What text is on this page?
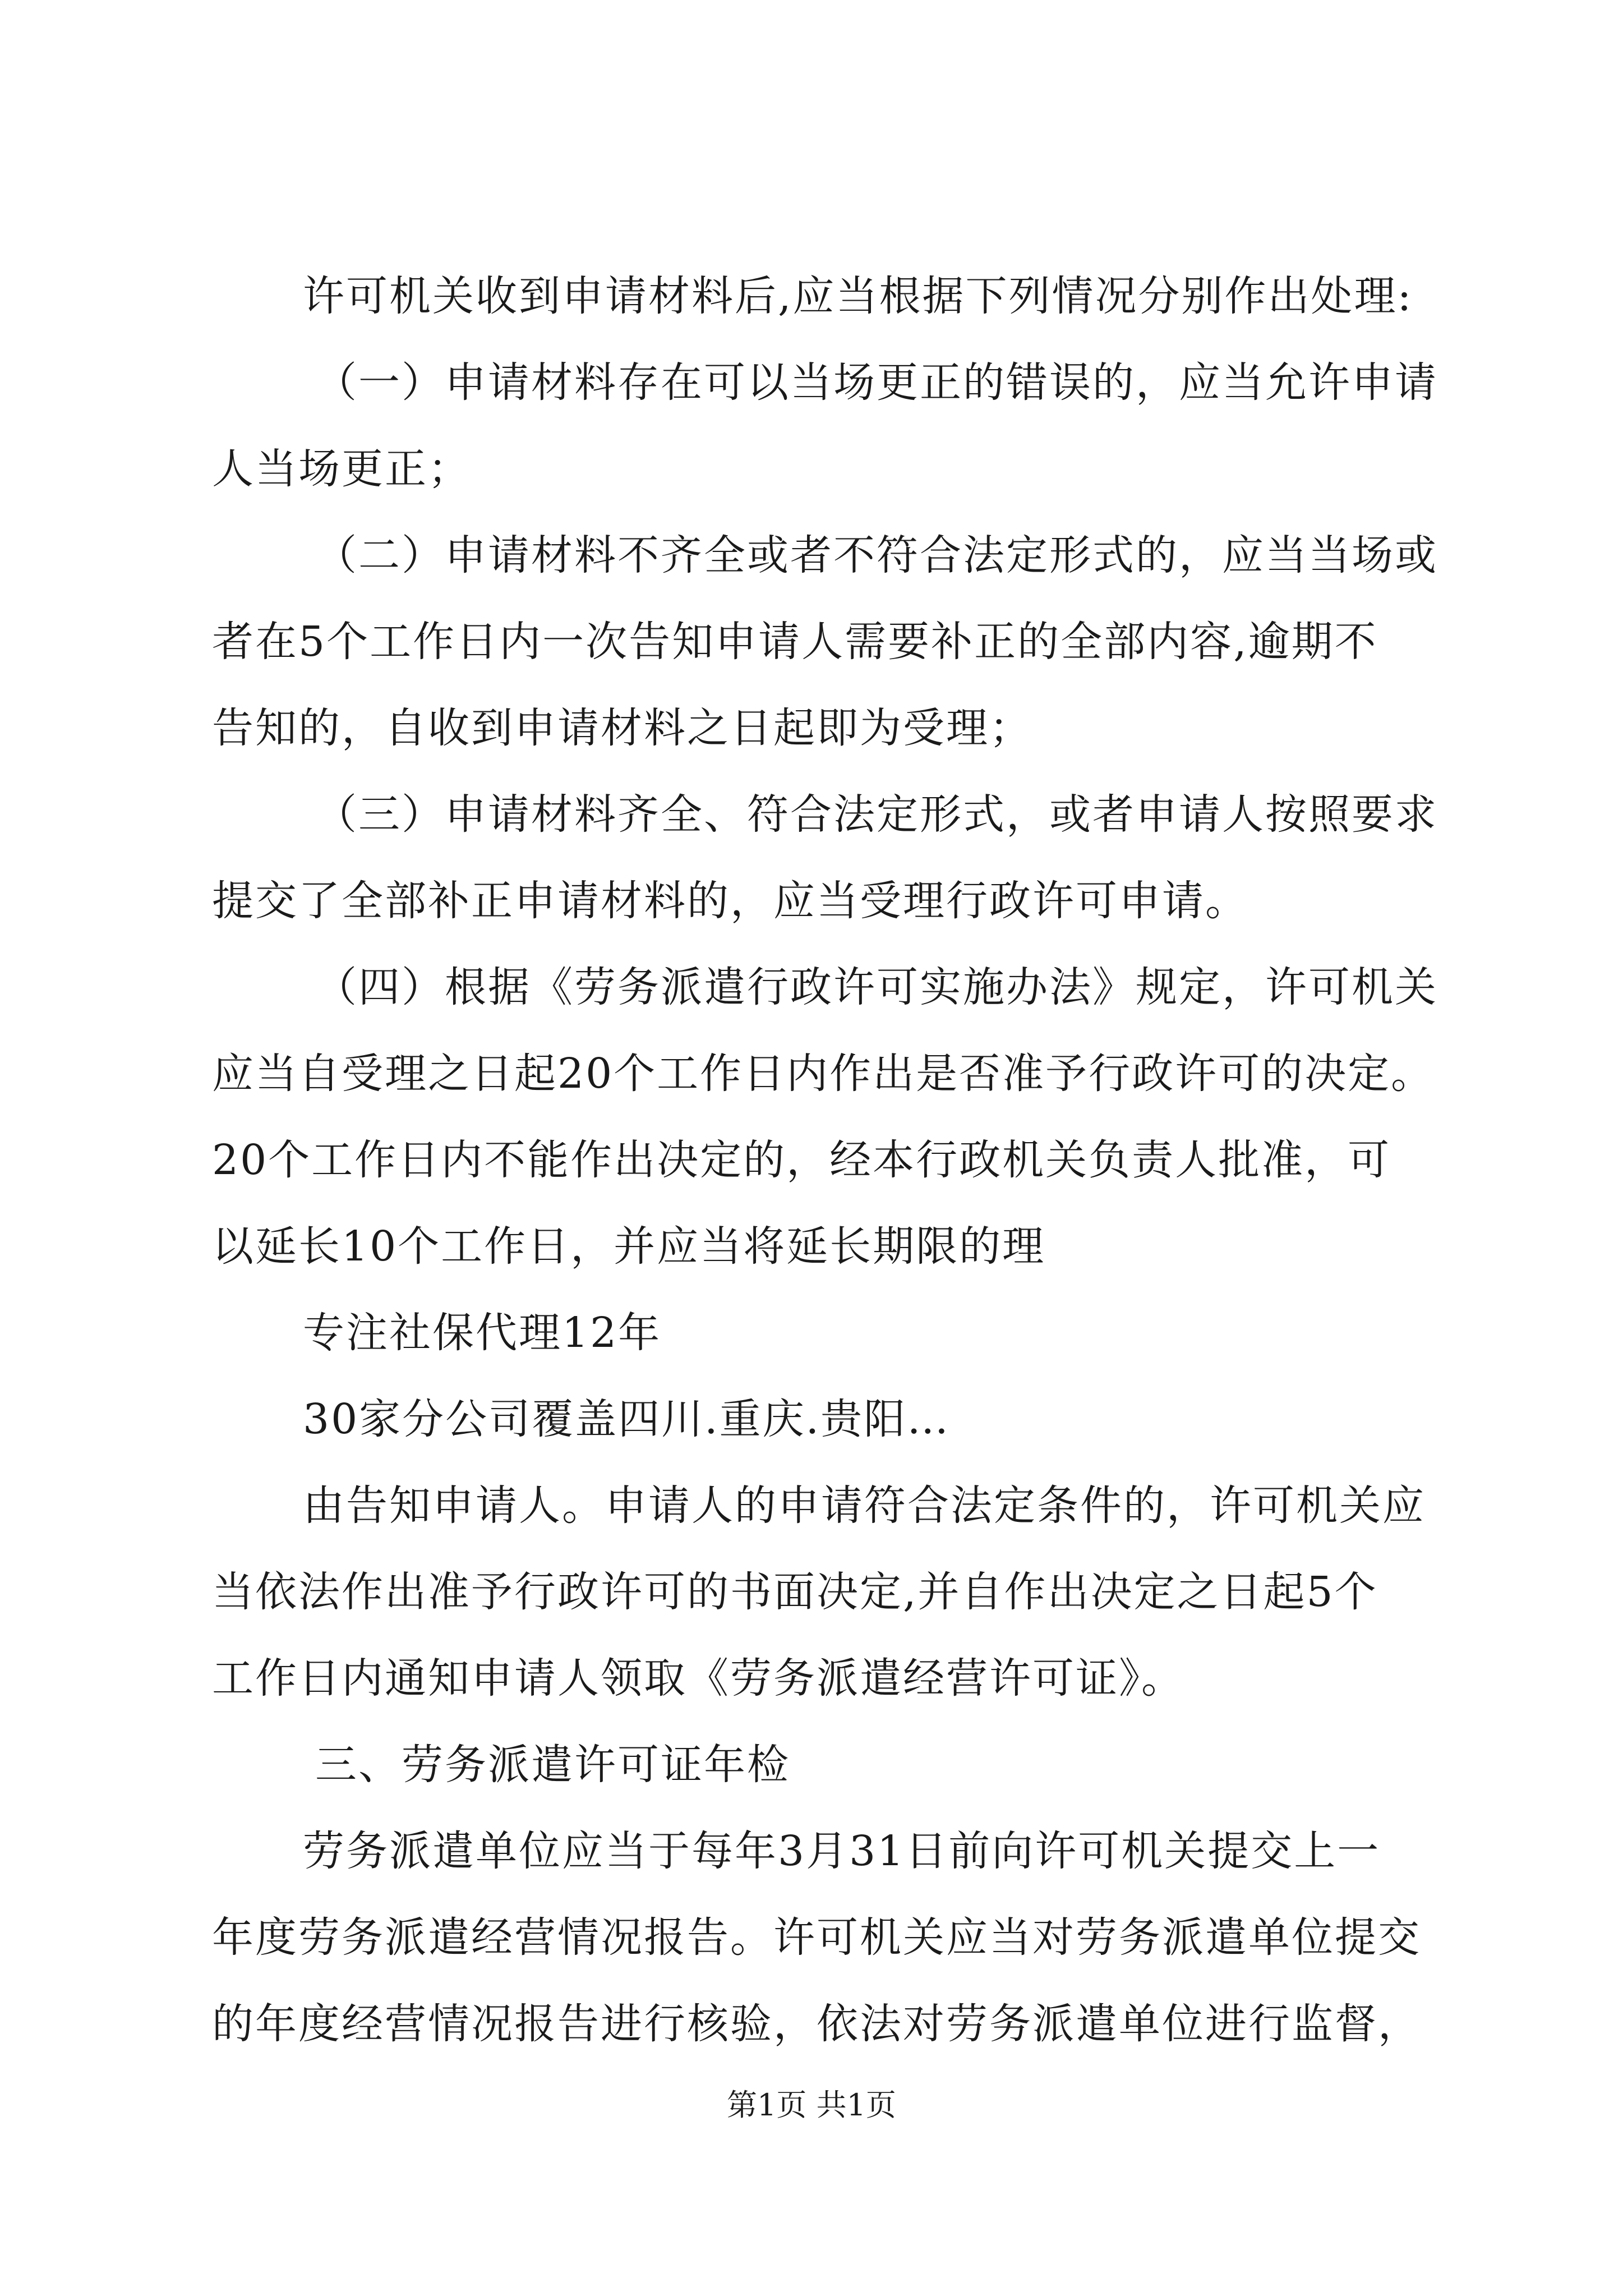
许可机关收到申请材料后,应当根据下列情况分别作出处理:
（一）申请材料存在可以当场更正的错误的，应当允许申请
人当场更正；
（二）申请材料不齐全或者不符合法定形式的，应当当场或
者在5个工作日内一次告知申请人需要补正的全部内容,逾期不
告知的，自收到申请材料之日起即为受理；
（三）申请材料齐全、符合法定形式，或者申请人按照要求
提交了全部补正申请材料的，应当受理行政许可申请。
（四）根据《劳务派遣行政许可实施办法》规定，许可机关
应当自受理之日起20个工作日内作出是否准予行政许可的决定。
20个工作日内不能作出决定的，经本行政机关负责人批准，可
以延长10个工作日，并应当将延长期限的理
专注社保代理12年
30家分公司覆盖四川.重庆.贵阳…
由告知申请人。申请人的申请符合法定条件的，许可机关应
当依法作出准予行政许可的书面决定,并自作出决定之日起5个
工作日内通知申请人领取《劳务派遣经营许可证》。
三、劳务派遣许可证年检
劳务派遣单位应当于每年3月31日前向许可机关提交上一
年度劳务派遣经营情况报告。许可机关应当对劳务派遣单位提交
的年度经营情况报告进行核验，依法对劳务派遣单位进行监督，
第1页 共1页
